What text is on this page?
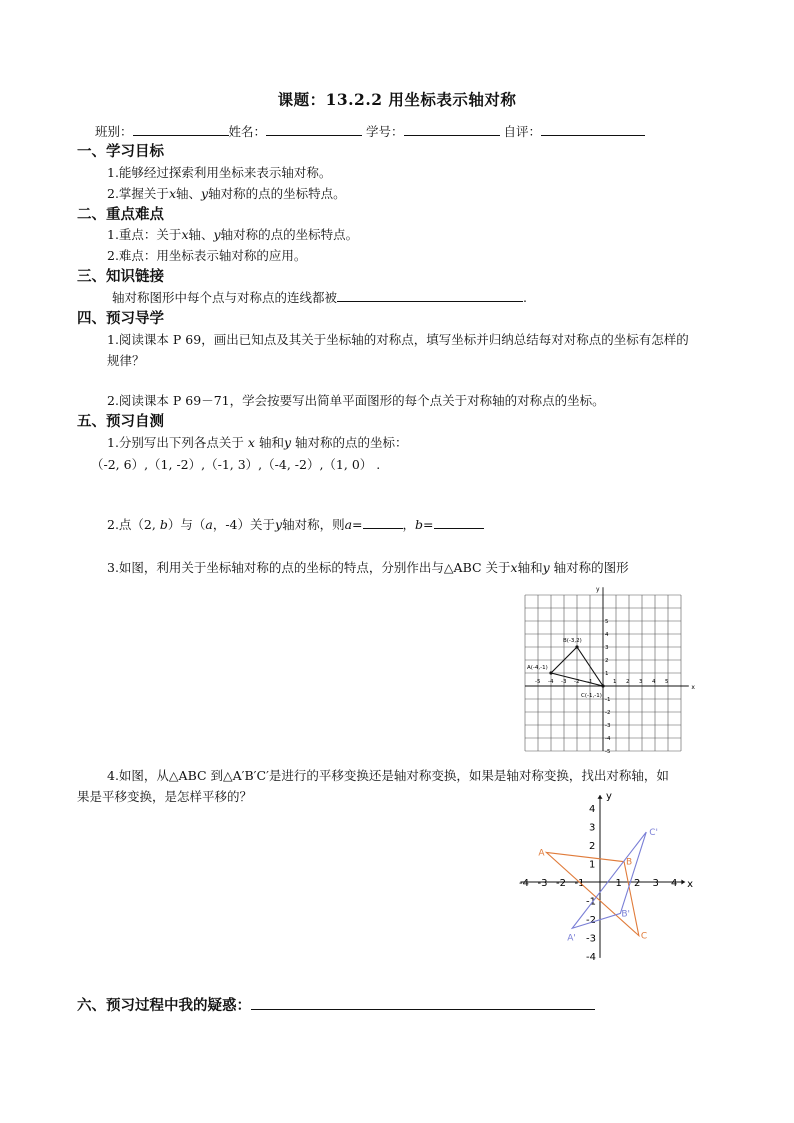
课题：13.2.2 用坐标表示轴对称
班别：	姓名：	学号：	自评：
一、学习目标
1.能够经过探索利用坐标来表示轴对称。
2.掌握关于x轴、y轴对称的点的坐标特点。
二、重点难点
1.重点：关于x轴、y轴对称的点的坐标特点。
2.难点：用坐标表示轴对称的应用。
三、知识链接
轴对称图形中每个点与对称点的连线都被	.
四、预习导学
1.阅读课本 P 69，画出已知点及其关于坐标轴的对称点，填写坐标并归纳总结每对对称点的坐标有怎样的
规律？
2.阅读课本 P 69－71，学会按要写出简单平面图形的每个点关于对称轴的对称点的坐标。
五、预习自测
1.分别写出下列各点关于 x 轴和y 轴对称的点的坐标：
（-2, 6）,（1, -2）,（-1, 3）,（-4, -2）,（1, 0） .
2.点（2, b）与（a，-4）关于y轴对称，则a=	，b=
3.如图，利用关于坐标轴对称的点的坐标的特点，分别作出与△ABC 关于x轴和y 轴对称的图形
x
y
-5 -4 -3 -2 -1	1 2 3 4 5
5
4
3
2
1
-1
-2
-3
-4
-5
A(-4,-1)
B(-3,2)
C(-1,-1)
4.如图，从△ABC 到△A′B′C′是进行的平移变换还是轴对称变换，如果是轴对称变换，找出对称轴，如
果是平移变换，是怎样平移的？
x
y
-4 -3 -2 -1	1 2 3 4
4
3
2
1
-1
-2
-3
-4
A
B
C
A'
B'
C'
六、预习过程中我的疑惑：
